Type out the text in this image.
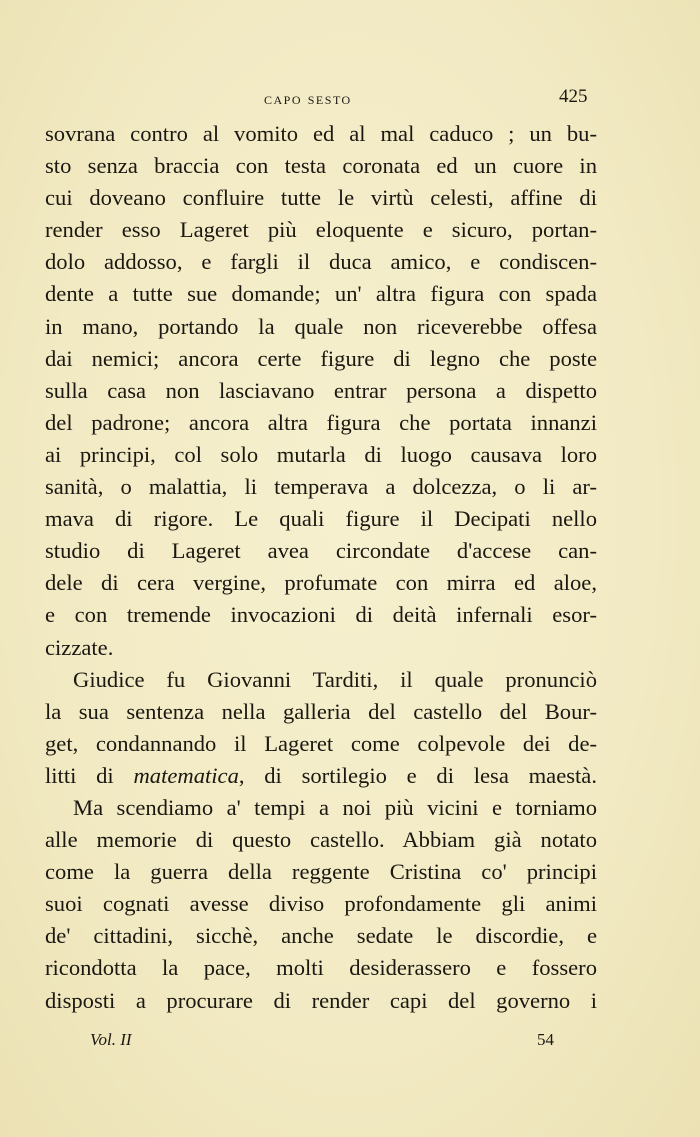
capo sesto	425

sovrana contro al vomito ed al mal caduco ; un bu-
sto senza braccia con testa coronata ed un cuore in
cui doveano confluire tutte le virtù celesti, affine di
render esso Lageret più eloquente e sicuro, portan-
dolo addosso, e fargli il duca amico, e condiscen-
dente a tutte sue domande; un' altra figura con spada
in mano, portando la quale non riceverebbe offesa
dai nemici; ancora certe figure di legno che poste
sulla casa non lasciavano entrar persona a dispetto
del padrone; ancora altra figura che portata innanzi
ai principi, col solo mutarla di luogo causava loro
sanità, o malattia, li temperava a dolcezza, o li ar-
mava di rigore. Le quali figure il Decipati nello
studio di Lageret avea circondate d'accese can-
dele di cera vergine, profumate con mirra ed aloe,
e con tremende invocazioni di deità infernali esor-
cizzate.

Giudice fu Giovanni Tarditi, il quale pronunciò
la sua sentenza nella galleria del castello del Bour-
get, condannando il Lageret come colpevole dei de-
litti di matematica, di sortilegio e di lesa maestà.

Ma scendiamo a' tempi a noi più vicini e torniamo
alle memorie di questo castello. Abbiam già notato
come la guerra della reggente Cristina co' principi
suoi cognati avesse diviso profondamente gli animi
de' cittadini, sicchè, anche sedate le discordie, e
ricondotta la pace, molti desiderassero e fossero
disposti a procurare di render capi del governo i

Vol. II	54
